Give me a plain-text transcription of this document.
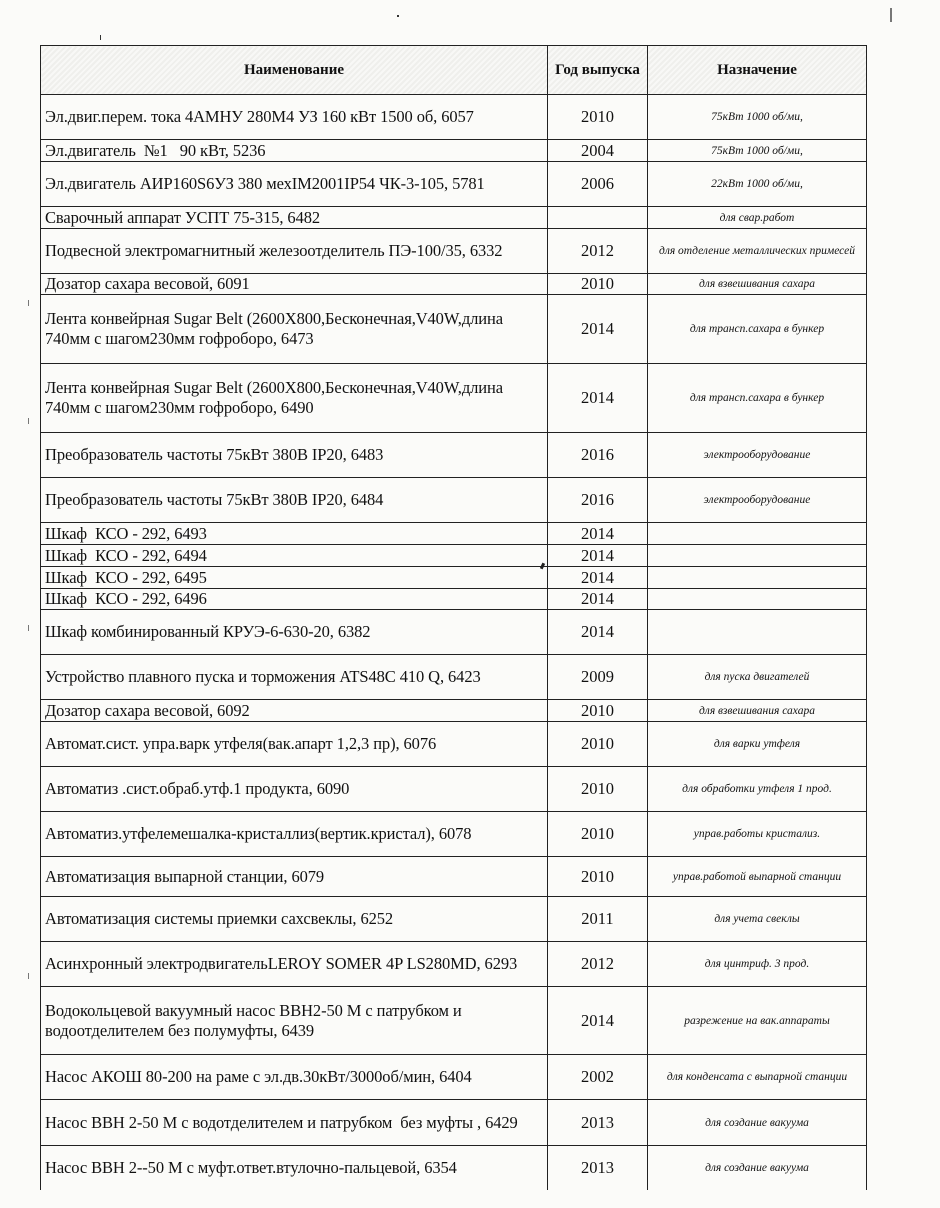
Наименование	Год выпуска	Назначение
Эл.двиг.перем. тока 4АМНУ 280М4 УЗ 160 кВт 1500 об, 6057	2010	75кВт 1000 об/ми,
Эл.двигатель  №1   90 кВт, 5236	2004	75кВт 1000 об/ми,
Эл.двигатель АИР160S6УЗ 380 мехIM2001IP54 ЧК-3-105, 5781	2006	22кВт 1000 об/ми,
Сварочный аппарат УСПТ 75-315, 6482		для свар.работ
Подвесной электромагнитный железоотделитель ПЭ-100/35, 6332	2012	для отделение металлических примесей
Дозатор сахара весовой, 6091	2010	для взвешивания сахара
Лента конвейрная Sugar Belt (2600Х800,Бесконечная,V40W,длина 740мм с шагом230мм гофроборо, 6473	2014	для трансп.сахара в бункер
Лента конвейрная Sugar Belt (2600Х800,Бесконечная,V40W,длина 740мм с шагом230мм гофроборо, 6490	2014	для трансп.сахара в бункер
Преобразователь частоты 75кВт 380В IP20, 6483	2016	электрооборудование
Преобразователь частоты 75кВт 380В IP20, 6484	2016	электрооборудование
Шкаф  КСО - 292, 6493	2014	
Шкаф  КСО - 292, 6494	2014	
Шкаф  КСО - 292, 6495	2014	
Шкаф  КСО - 292, 6496	2014	
Шкаф комбинированный КРУЭ-6-630-20, 6382	2014	
Устройство плавного пуска и торможения ATS48C 410 Q, 6423	2009	для пуска двигателей
Дозатор сахара весовой, 6092	2010	для взвешивания сахара
Автомат.сист. упра.варк утфеля(вак.апарт 1,2,3 пр), 6076	2010	для варки утфеля
Автоматиз .сист.обраб.утф.1 продукта, 6090	2010	для обработки утфеля 1 прод.
Автоматиз.утфелемешалка-кристаллиз(вертик.кристал), 6078	2010	управ.работы кристализ.
Автоматизация выпарной станции, 6079	2010	управ.работой выпарной станции
Автоматизация системы приемки сахсвеклы, 6252	2011	для учета свеклы
Асинхронный электродвигательLEROY SOMER 4P LS280MD, 6293	2012	для цинтриф. 3 прод.
Водокольцевой вакуумный насос ВВН2-50 М с патрубком и водоотделителем без полумуфты, 6439	2014	разрежение на вак.аппараты
Насос АКОШ 80-200 на раме с эл.дв.30кВт/3000об/мин, 6404	2002	для конденсата с выпарной станции
Насос ВВН 2-50 М с водотделителем и патрубком  без муфты , 6429	2013	для создание вакуума
Насос ВВН 2--50 М с муфт.ответ.втулочно-пальцевой, 6354	2013	для создание вакуума
